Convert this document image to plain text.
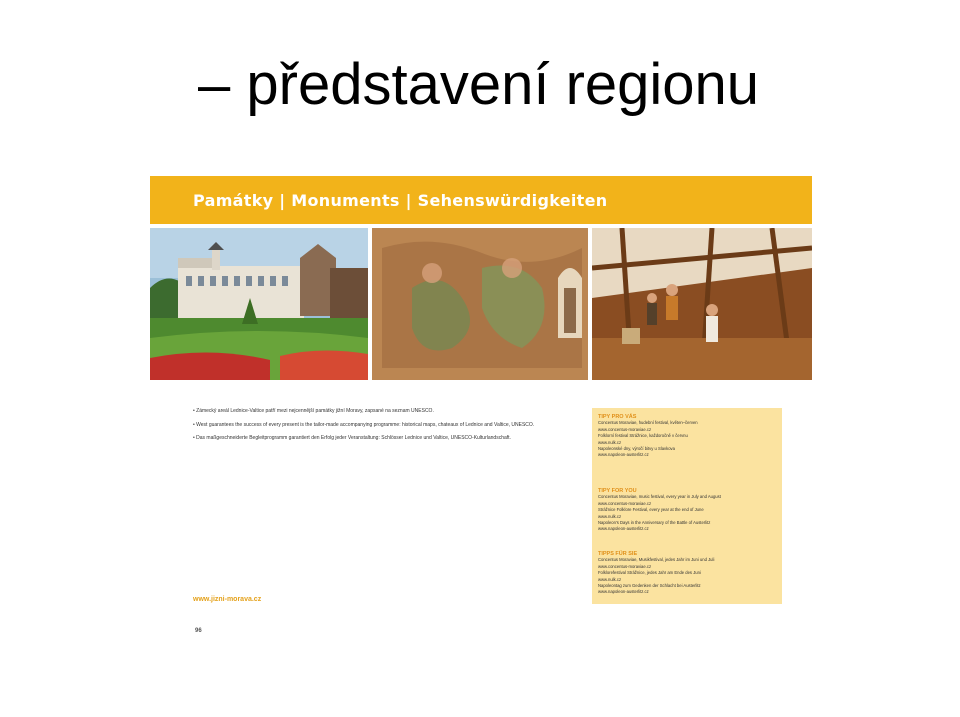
– představení regionu
Památky | Monuments | Sehenswürdigkeiten

• Zámecký areál Lednice-Valtice patří mezi nejcennější památky jižní Moravy, zapsané na seznam UNESCO.

• West guarantees the success of every present is the tailor-made accompanying programme: historical maps, chateaux of Lednice and Valtice, UNESCO.

• Das maßgeschneiderte Begleitprogramm garantiert den Erfolg jeder Veranstaltung: Schlösser Lednice und Valtice, UNESCO-Kulturlandschaft.

www.jizni-morava.cz
96
TIPY PRO VÁS
Concentus Moraviae, hudební festival, květen–červen
www.concentus-moraviae.cz
Folklorní festival Strážnice, každoročně v červnu
www.nulk.cz
Napoleonské dny, výročí bitvy u Slavkova
www.napoleon-austerlitz.cz
TIPY FOR YOU
Concentus Moraviae, music festival, every year in July and August
www.concentus-moraviae.cz
Strážnice Folklore Festival, every year at the end of June
www.nulk.cz
Napoleon's Days in the Anniversary of the Battle of Austerlitz
www.napoleon-austerlitz.cz
TIPPS FÜR SIE
Concentus Moraviae, Musikfestival, jedes Jahr im Juni und Juli
www.concentus-moraviae.cz
Folklorefestival Strážnice, jedes Jahr am Ende des Juni
www.nulk.cz
Napoleontag zum Gedenken der Schlacht bei Austerlitz
www.napoleon-austerlitz.cz
